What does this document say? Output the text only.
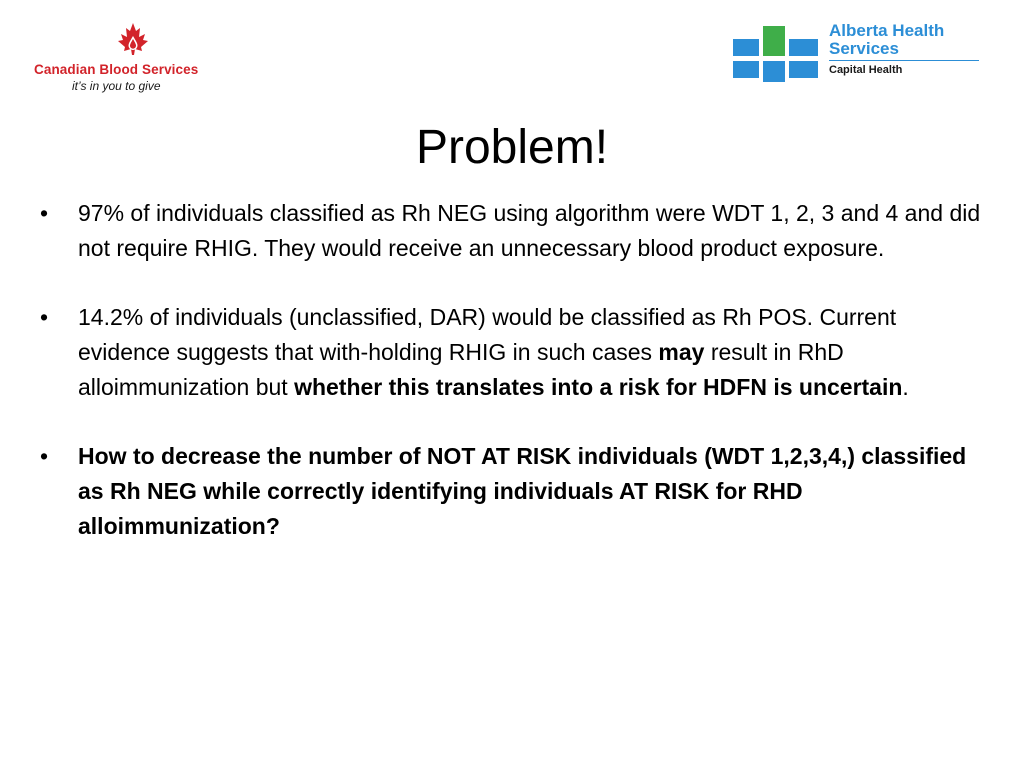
Canadian Blood Services
it’s in you to give
Alberta Health
Services
Capital Health
Problem!
•	97% of individuals classified as Rh NEG using algorithm were WDT 1, 2, 3 and 4 and did not require RHIG. They would receive an unnecessary blood product exposure.
•	14.2% of individuals (unclassified, DAR) would be classified as Rh POS. Current evidence suggests that with-holding RHIG in such cases may result in RhD alloimmunization but whether this translates into a risk for HDFN is uncertain.
•	How to decrease the number of NOT AT RISK individuals (WDT 1,2,3,4,) classified as Rh NEG while correctly identifying individuals AT RISK for RHD alloimmunization?
